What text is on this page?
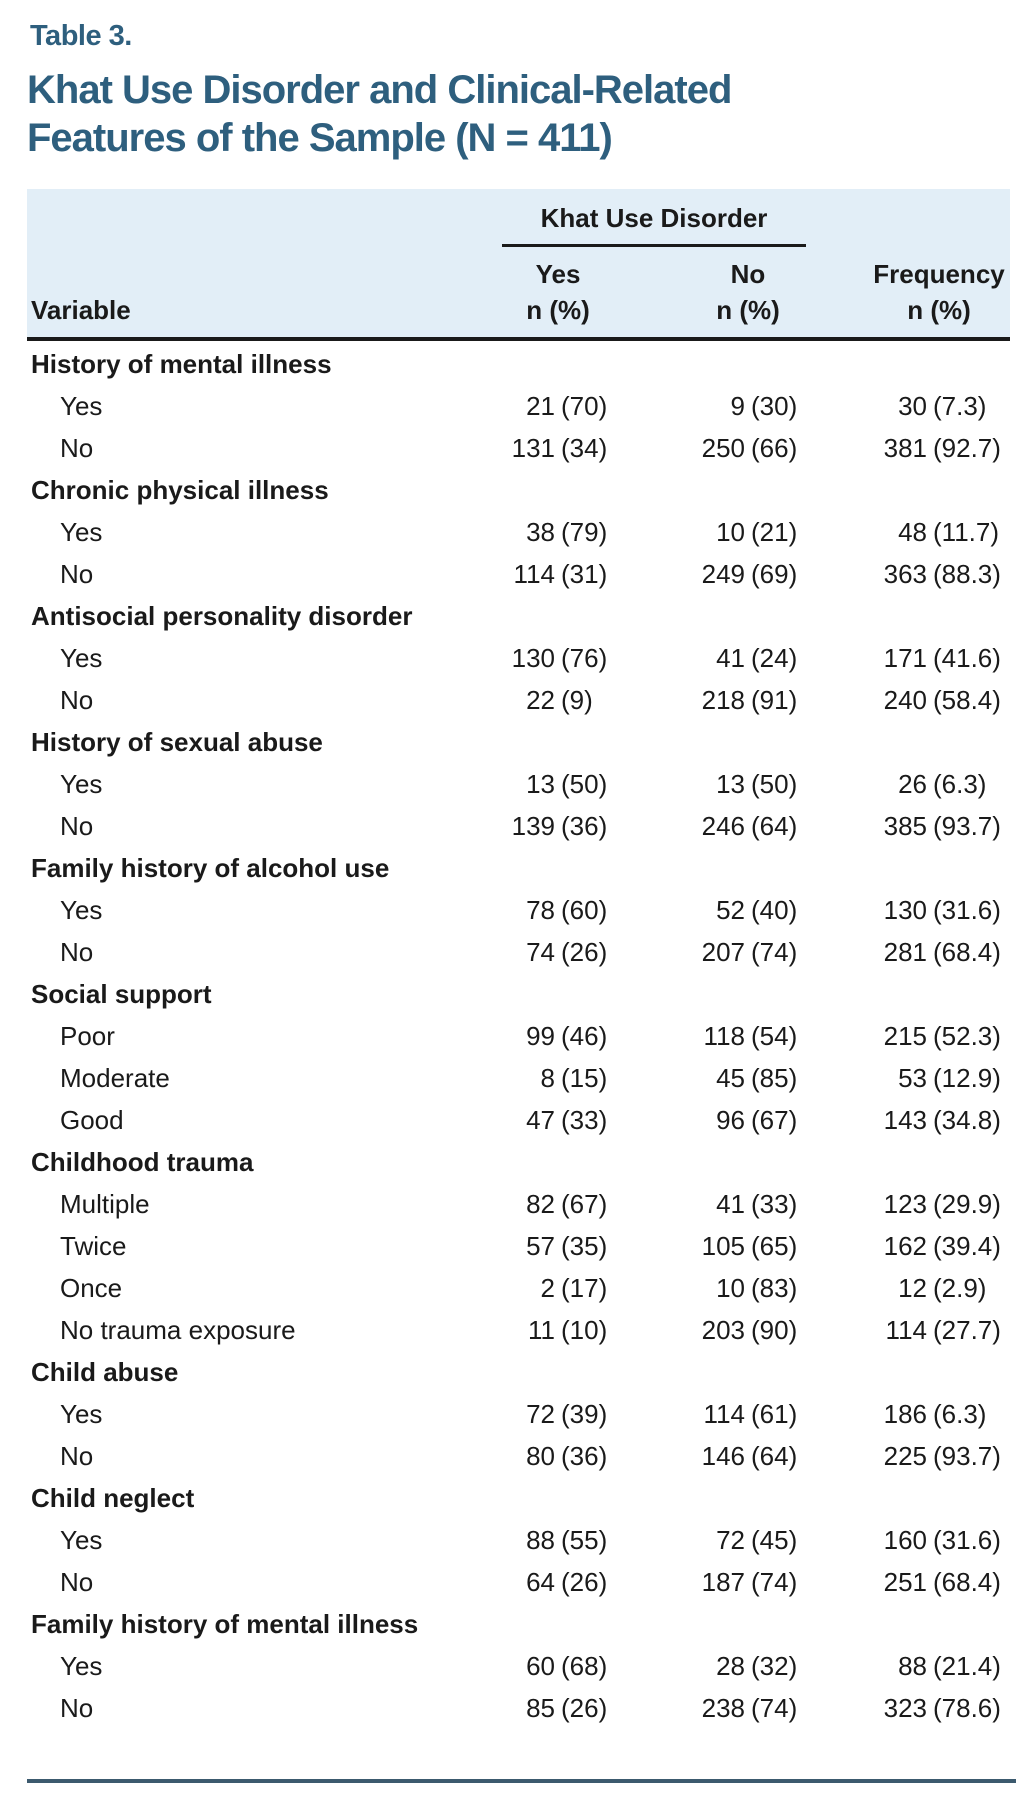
Table 3.
Khat Use Disorder and Clinical-Related
Features of the Sample (N = 411)
Khat Use Disorder
Yes	No	Frequency
Variable	n (%)	n (%)	n (%)
History of mental illness
Yes	21 (70)	9 (30)	30 (7.3)
No	131 (34)	250 (66)	381 (92.7)
Chronic physical illness
Yes	38 (79)	10 (21)	48 (11.7)
No	114 (31)	249 (69)	363 (88.3)
Antisocial personality disorder
Yes	130 (76)	41 (24)	171 (41.6)
No	22 (9)	218 (91)	240 (58.4)
History of sexual abuse
Yes	13 (50)	13 (50)	26 (6.3)
No	139 (36)	246 (64)	385 (93.7)
Family history of alcohol use
Yes	78 (60)	52 (40)	130 (31.6)
No	74 (26)	207 (74)	281 (68.4)
Social support
Poor	99 (46)	118 (54)	215 (52.3)
Moderate	8 (15)	45 (85)	53 (12.9)
Good	47 (33)	96 (67)	143 (34.8)
Childhood trauma
Multiple	82 (67)	41 (33)	123 (29.9)
Twice	57 (35)	105 (65)	162 (39.4)
Once	2 (17)	10 (83)	12 (2.9)
No trauma exposure	11 (10)	203 (90)	114 (27.7)
Child abuse
Yes	72 (39)	114 (61)	186 (6.3)
No	80 (36)	146 (64)	225 (93.7)
Child neglect
Yes	88 (55)	72 (45)	160 (31.6)
No	64 (26)	187 (74)	251 (68.4)
Family history of mental illness
Yes	60 (68)	28 (32)	88 (21.4)
No	85 (26)	238 (74)	323 (78.6)
